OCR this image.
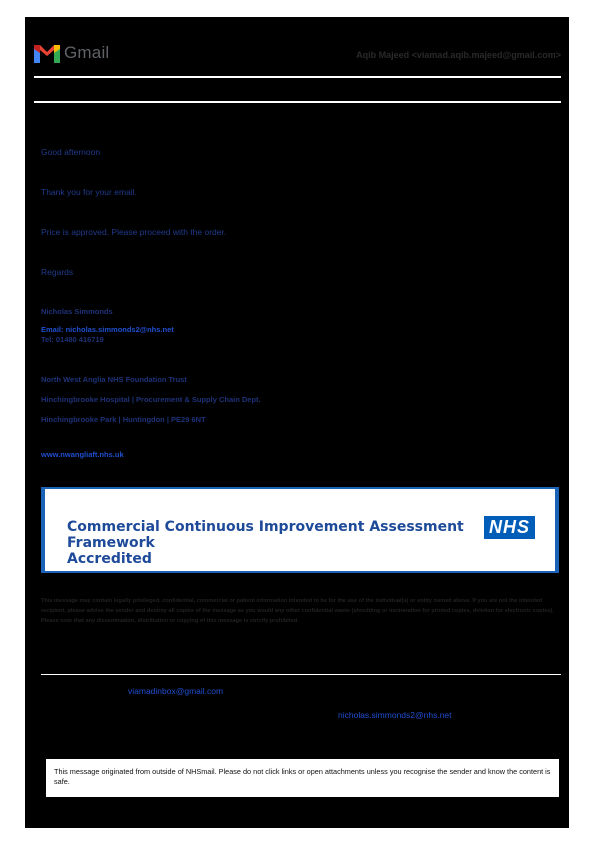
Gmail	Aqib Majeed <viamad.aqib.majeed@gmail.com>
Good afternoon
Thank you for your email.
Price is approved. Please proceed with the order.
Regards
Nicholas Simmonds
Email: nicholas.simmonds2@nhs.net
Tel: 01480 416719
North West Anglia NHS Foundation Trust
Hinchingbrooke Hospital | Procurement & Supply Chain Dept.
Hinchingbrooke Park | Huntingdon | PE29 6NT
www.nwangliaft.nhs.uk
Commercial Continuous Improvement Assessment Framework
Accredited
NHS
This message may contain legally privileged, confidential, commercial or patient information intended to be for the use of the individual(s) or entity named above. If you are not the intended recipient, please advise the sender and destroy all copies of the message as you would any other confidential waste (shredding or incineration for printed copies, deletion for electronic copies). Please note that any dissemination, distribution or copying of this message is strictly prohibited.
viamadinbox@gmail.com
nicholas.simmonds2@nhs.net
This message originated from outside of NHSmail. Please do not click links or open attachments unless you recognise the sender and know the content is safe.
